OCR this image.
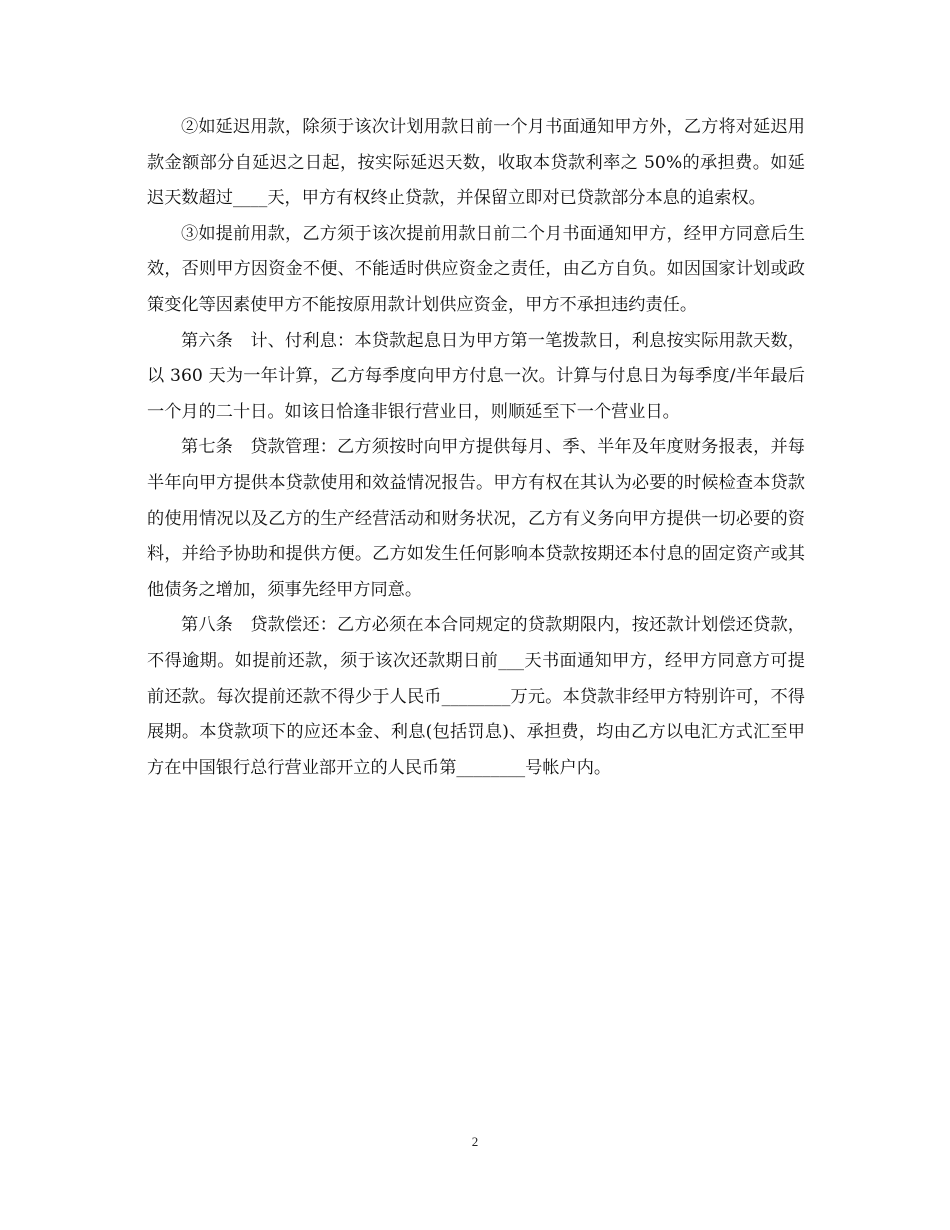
②如延迟用款，除须于该次计划用款日前一个月书面通知甲方外，乙方将对延迟用款金额部分自延迟之日起，按实际延迟天数，收取本贷款利率之 50%的承担费。如延迟天数超过____天，甲方有权终止贷款，并保留立即对已贷款部分本息的追索权。

③如提前用款，乙方须于该次提前用款日前二个月书面通知甲方，经甲方同意后生效，否则甲方因资金不便、不能适时供应资金之责任，由乙方自负。如因国家计划或政策变化等因素使甲方不能按原用款计划供应资金，甲方不承担违约责任。

第六条　计、付利息：本贷款起息日为甲方第一笔拨款日，利息按实际用款天数，以 360 天为一年计算，乙方每季度向甲方付息一次。计算与付息日为每季度/半年最后一个月的二十日。如该日恰逢非银行营业日，则顺延至下一个营业日。

第七条　贷款管理：乙方须按时向甲方提供每月、季、半年及年度财务报表，并每半年向甲方提供本贷款使用和效益情况报告。甲方有权在其认为必要的时候检查本贷款的使用情况以及乙方的生产经营活动和财务状况，乙方有义务向甲方提供一切必要的资料，并给予协助和提供方便。乙方如发生任何影响本贷款按期还本付息的固定资产或其他债务之增加，须事先经甲方同意。

第八条　贷款偿还：乙方必须在本合同规定的贷款期限内，按还款计划偿还贷款，不得逾期。如提前还款，须于该次还款期日前___天书面通知甲方，经甲方同意方可提前还款。每次提前还款不得少于人民币________万元。本贷款非经甲方特别许可，不得展期。本贷款项下的应还本金、利息(包括罚息)、承担费，均由乙方以电汇方式汇至甲方在中国银行总行营业部开立的人民币第________号帐户内。

2
